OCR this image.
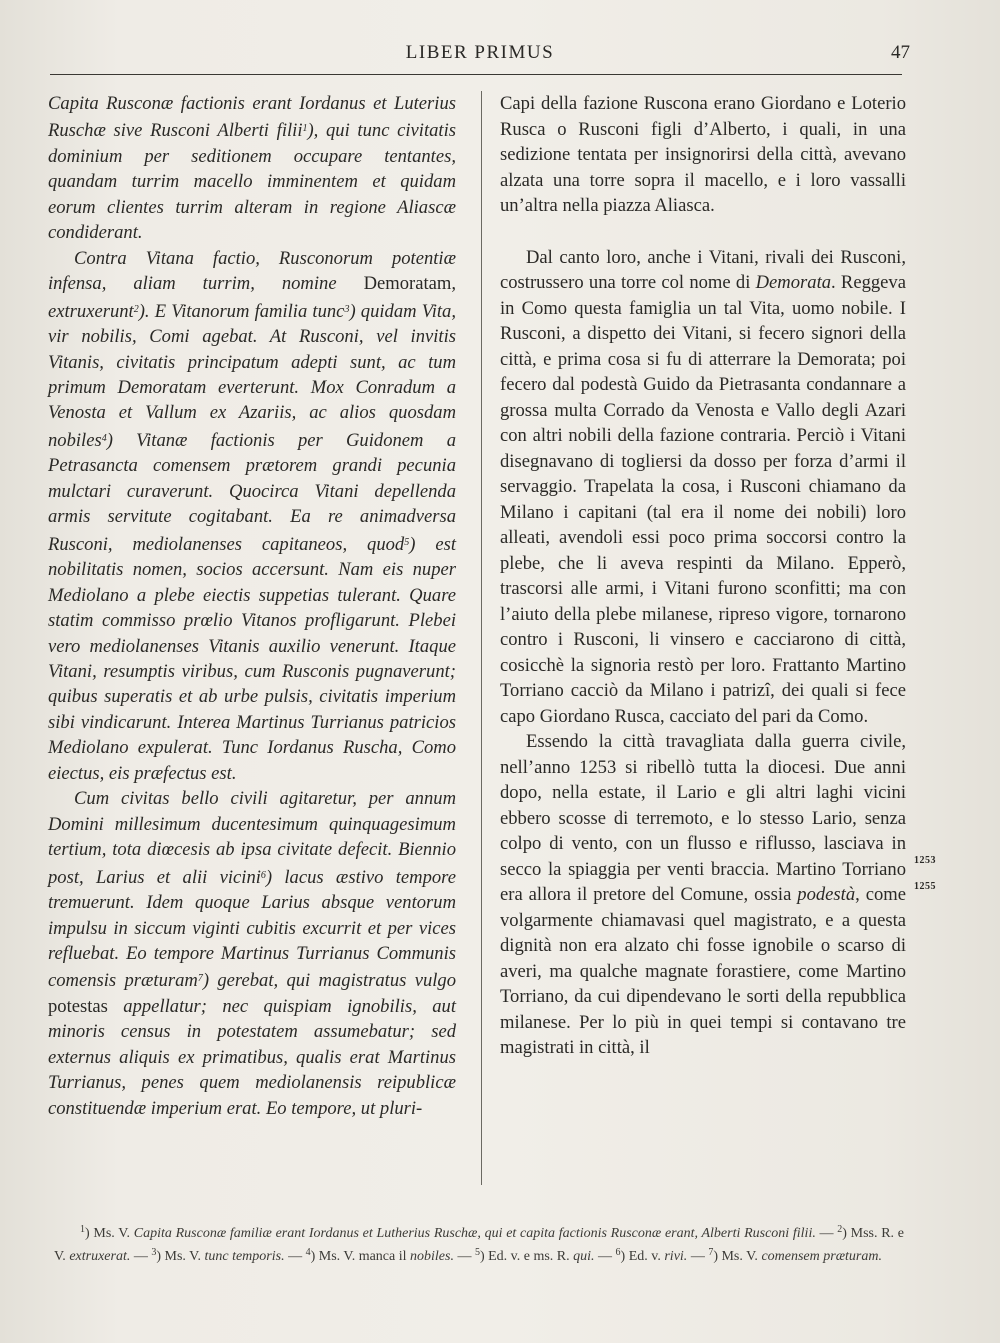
LIBER PRIMUS	47

Capita Rusconæ factionis erant Iordanus et Luterius Ruschæ sive Rusconi Alberti filii$^1$), qui tunc civitatis dominium per seditionem occupare tentantes, quandam turrim macello imminentem et quidam eorum clientes turrim alteram in regione Aliascæ condiderant.

Contra Vitana factio, Rusconorum potentiæ infensa, aliam turrim, nomine Demoratam, extruxerunt$^2$). E Vitanorum familia tunc$^3$) quidam Vita, vir nobilis, Comi agebat. At Rusconi, vel invitis Vitanis, civitatis principatum adepti sunt, ac tum primum Demoratam everterunt. Mox Conradum a Venosta et Vallum ex Azariis, ac alios quosdam nobiles$^4$) Vitanæ factionis per Guidonem a Petrasancta comensem prætorem grandi pecunia mulctari curaverunt. Quocirca Vitani depellenda armis servitute cogitabant. Ea re animadversa Rusconi, mediolanenses capitaneos, quod$^5$) est nobilitatis nomen, socios accersunt. Nam eis nuper Mediolano a plebe eiectis suppetias tulerant. Quare statim commisso prœlio Vitanos profligarunt. Plebei vero mediolanenses Vitanis auxilio venerunt. Itaque Vitani, resumptis viribus, cum Rusconis pugnaverunt; quibus superatis et ab urbe pulsis, civitatis imperium sibi vindicarunt. Interea Martinus Turrianus patricios Mediolano expulerat. Tunc Iordanus Ruscha, Como eiectus, eis præfectus est.

Cum civitas bello civili agitaretur, per annum Domini millesimum ducentesimum quinquagesimum tertium, tota diœcesis ab ipsa civitate defecit. Biennio post, Larius et alii vicini$^6$) lacus æstivo tempore tremuerunt. Idem quoque Larius absque ventorum impulsu in siccum viginti cubitis excurrit et per vices refluebat. Eo tempore Martinus Turrianus Communis comensis præturam$^7$) gerebat, qui magistratus vulgo potestas appellatur; nec quispiam ignobilis, aut minoris census in potestatem assumebatur; sed externus aliquis ex primatibus, qualis erat Martinus Turrianus, penes quem mediolanensis reipublicæ constituendæ imperium erat. Eo tempore, ut pluri-

Capi della fazione Ruscona erano Giordano e Loterio Rusca o Rusconi figli d’Alberto, i quali, in una sedizione tentata per insignorirsi della città, avevano alzata una torre sopra il macello, e i loro vassalli un’altra nella piazza Aliasca.

Dal canto loro, anche i Vitani, rivali dei Rusconi, costrussero una torre col nome di Demorata. Reggeva in Como questa famiglia un tal Vita, uomo nobile. I Rusconi, a dispetto dei Vitani, si fecero signori della città, e prima cosa si fu di atterrare la Demorata; poi fecero dal podestà Guido da Pietrasanta condannare a grossa multa Corrado da Venosta e Vallo degli Azari con altri nobili della fazione contraria. Perciò i Vitani disegnavano di togliersi da dosso per forza d’armi il servaggio. Trapelata la cosa, i Rusconi chiamano da Milano i capitani (tal era il nome dei nobili) loro alleati, avendoli essi poco prima soccorsi contro la plebe, che li aveva respinti da Milano. Epperò, trascorsi alle armi, i Vitani furono sconfitti; ma con l’aiuto della plebe milanese, ripreso vigore, tornarono contro i Rusconi, li vinsero e cacciarono di città, cosicchè la signoria restò per loro. Frattanto Martino Torriano cacciò da Milano i patrizî, dei quali si fece capo Giordano Rusca, cacciato del pari da Como.

Essendo la città travagliata dalla guerra civile, nell’anno 1253 si ribellò tutta la diocesi. Due anni dopo, nella estate, il Lario e gli altri laghi vicini ebbero scosse di terremoto, e lo stesso Lario, senza colpo di vento, con un flusso e riflusso, lasciava in secco la spiaggia per venti braccia. Martino Torriano era allora il pretore del Comune, ossia podestà, come volgarmente chiamavasi quel magistrato, e a questa dignità non era alzato chi fosse ignobile o scarso di averi, ma qualche magnate forastiere, come Martino Torriano, da cui dipendevano le sorti della repubblica milanese. Per lo più in quei tempi si contavano tre magistrati in città, il

1253
1255

$^1$) Ms. V. Capita Rusconæ familiæ erant Iordanus et Lutherius Ruschæ, qui et capita factionis Rusconæ erant, Alberti Rusconi filii. — $^2$) Mss. R. e V. extruxerat. — $^3$) Ms. V. tunc temporis. — $^4$) Ms. V. manca il nobiles. — $^5$) Ed. v. e ms. R. qui. — $^6$) Ed. v. rivi. — $^7$) Ms. V. comensem præturam.
